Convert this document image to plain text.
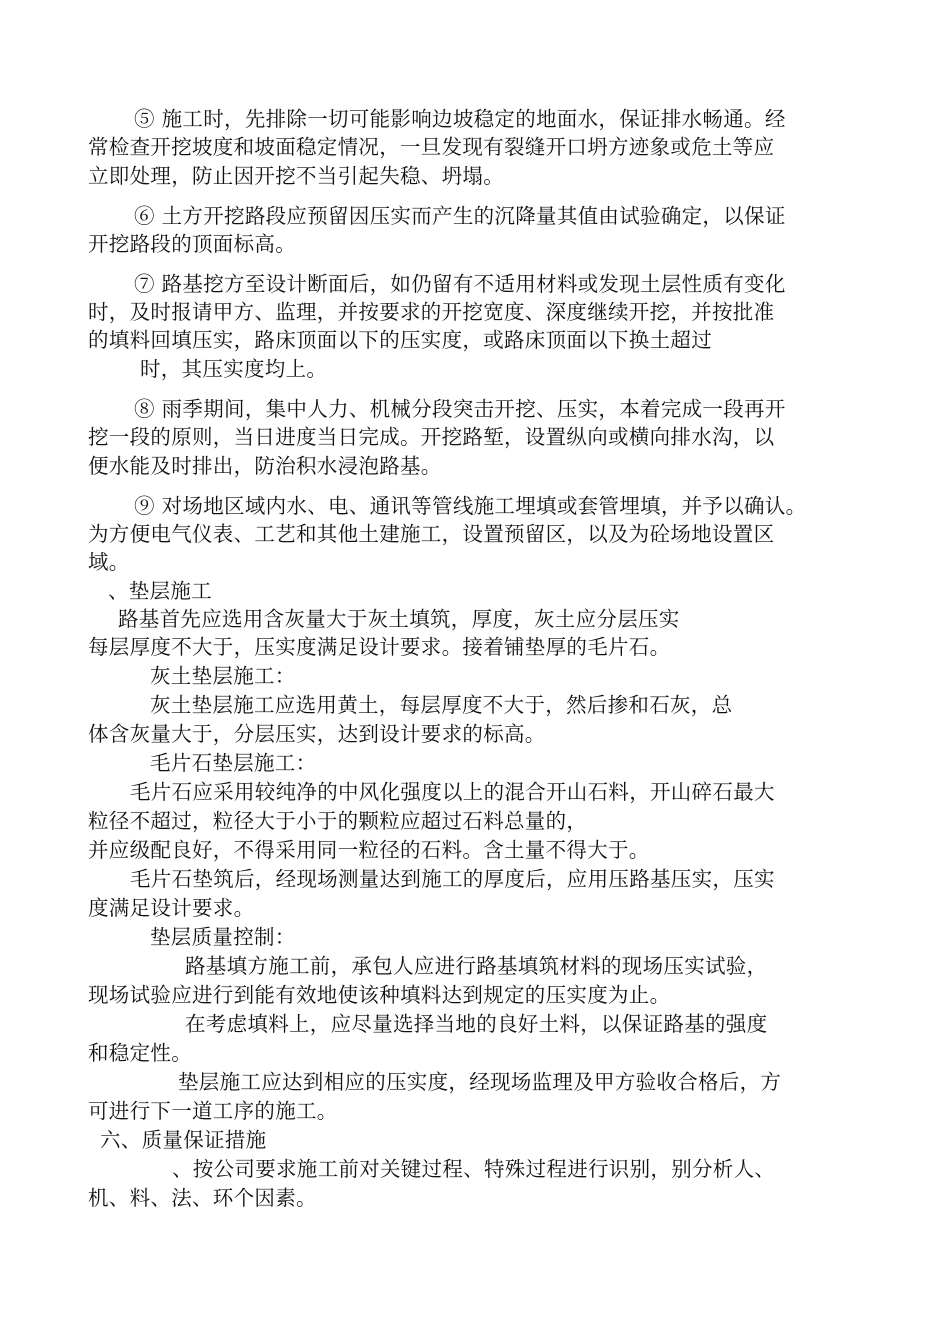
⑤ 施工时，先排除一切可能影响边坡稳定的地面水，保证排水畅通。经
常检查开挖坡度和坡面稳定情况，一旦发现有裂缝开口坍方迹象或危土等应
立即处理，防止因开挖不当引起失稳、坍塌。
⑥ 土方开挖路段应预留因压实而产生的沉降量其值由试验确定，以保证
开挖路段的顶面标高。
⑦ 路基挖方至设计断面后，如仍留有不适用材料或发现土层性质有变化
时，及时报请甲方、监理，并按要求的开挖宽度、深度继续开挖，并按批准
的填料回填压实，路床顶面以下的压实度，或路床顶面以下换土超过
时，其压实度均上。
⑧ 雨季期间，集中人力、机械分段突击开挖、压实，本着完成一段再开
挖一段的原则，当日进度当日完成。开挖路堑，设置纵向或横向排水沟，以
便水能及时排出，防治积水浸泡路基。
⑨ 对场地区域内水、电、通讯等管线施工埋填或套管埋填，并予以确认。
为方便电气仪表、工艺和其他土建施工，设置预留区，以及为砼场地设置区
域。
、垫层施工
路基首先应选用含灰量大于灰土填筑，厚度，灰土应分层压实
每层厚度不大于，压实度满足设计要求。接着铺垫厚的毛片石。
灰土垫层施工：
灰土垫层施工应选用黄土，每层厚度不大于，然后掺和石灰，总
体含灰量大于，分层压实，达到设计要求的标高。
毛片石垫层施工：
毛片石应采用较纯净的中风化强度以上的混合开山石料，开山碎石最大
粒径不超过，粒径大于小于的颗粒应超过石料总量的，
并应级配良好，不得采用同一粒径的石料。含土量不得大于。
毛片石垫筑后，经现场测量达到施工的厚度后，应用压路基压实，压实
度满足设计要求。
垫层质量控制：
路基填方施工前，承包人应进行路基填筑材料的现场压实试验，
现场试验应进行到能有效地使该种填料达到规定的压实度为止。
在考虑填料上，应尽量选择当地的良好土料，以保证路基的强度
和稳定性。
垫层施工应达到相应的压实度，经现场监理及甲方验收合格后，方
可进行下一道工序的施工。
六、质量保证措施
、按公司要求施工前对关键过程、特殊过程进行识别，别分析人、
机、料、法、环个因素。
